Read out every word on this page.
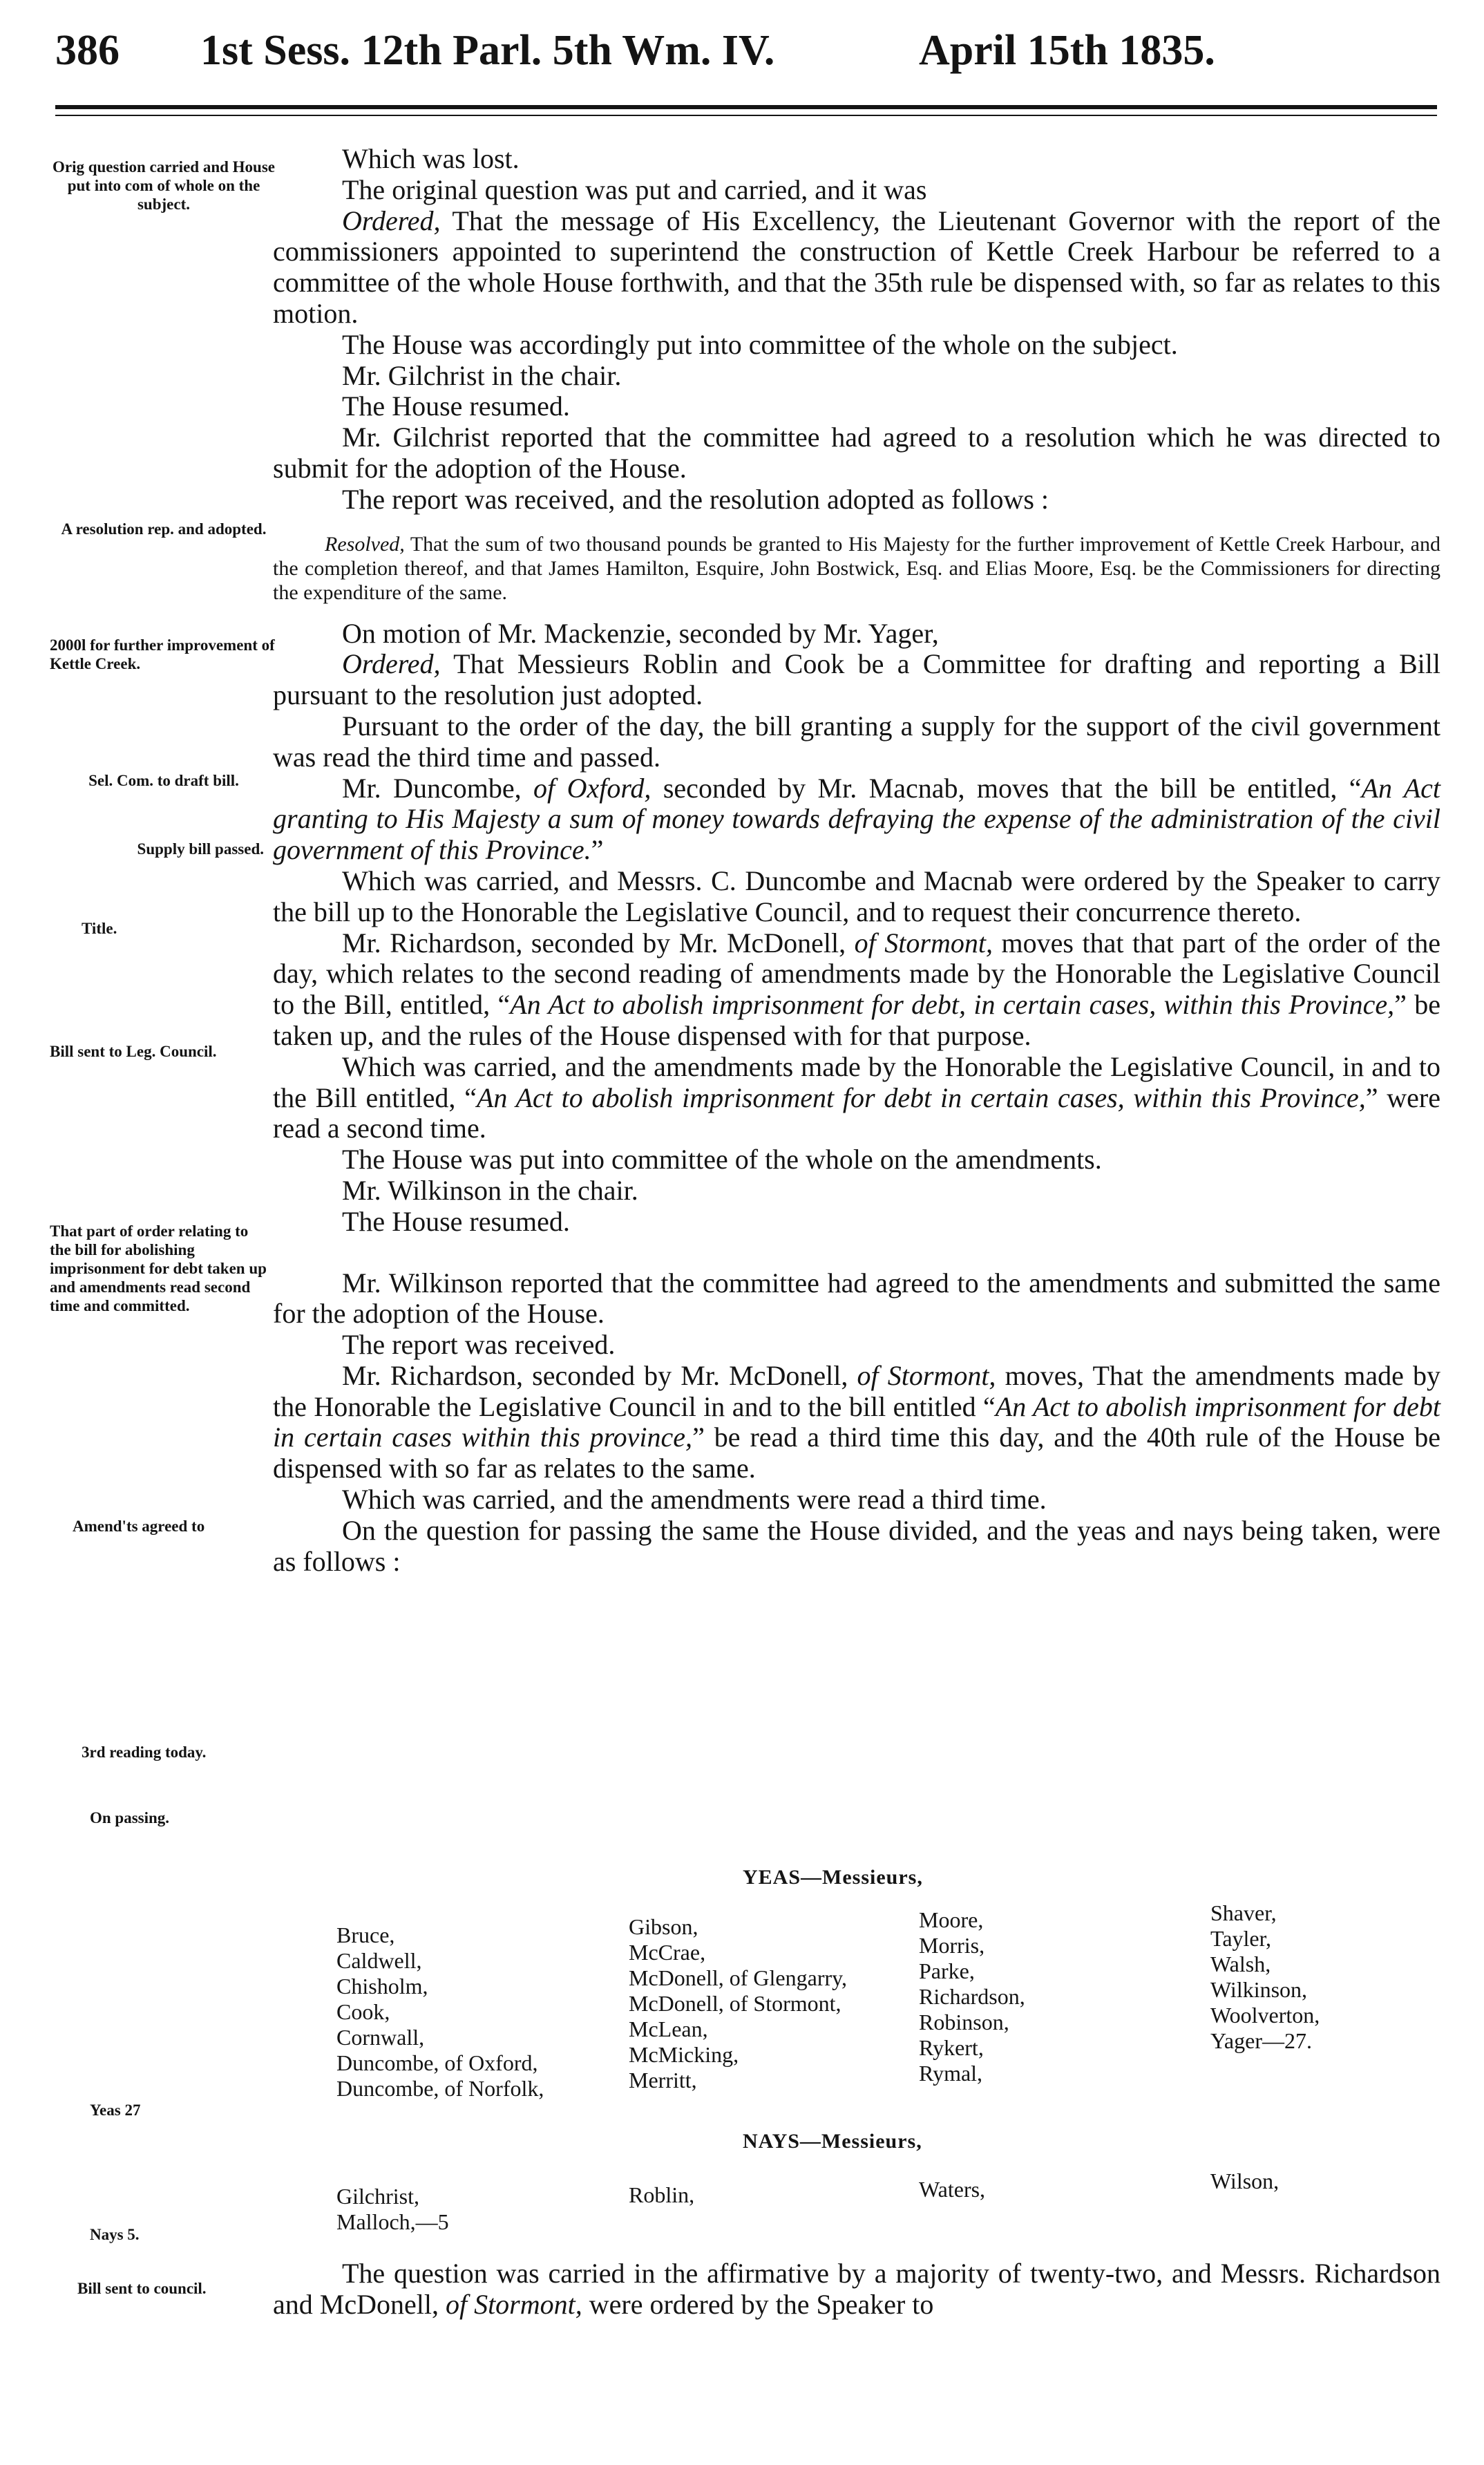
386 1st Sess. 12th Parl. 5th Wm. IV.	April 15th 1835.
Orig question carried and House put into com of whole on the subject.
A resolution rep. and adopted.
2000l for further improvement of Kettle Creek.
Sel. Com. to draft bill.
Supply bill passed.
Title.
Bill sent to Leg. Council.
That part of order relating to the bill for abolishing imprisonment for debt taken up and amendments read second time and committed.
Amend'ts agreed to
3rd reading today.
On passing.
Yeas 27
Nays 5.
Bill sent to council.

Which was lost.

The original question was put and carried, and it was

Ordered, That the message of His Excellency, the Lieutenant Governor with the report of the commissioners appointed to superintend the construction of Kettle Creek Harbour be referred to a committee of the whole House forthwith, and that the 35th rule be dispensed with, so far as relates to this motion.

The House was accordingly put into committee of the whole on the subject.

Mr. Gilchrist in the chair.

The House resumed.

Mr. Gilchrist reported that the committee had agreed to a resolution which he was directed to submit for the adoption of the House.

The report was received, and the resolution adopted as follows :

Resolved, That the sum of two thousand pounds be granted to His Majesty for the further improvement of Kettle Creek Harbour, and the completion thereof, and that James Hamilton, Esquire, John Bostwick, Esq. and Elias Moore, Esq. be the Commissioners for directing the expenditure of the same.

On motion of Mr. Mackenzie, seconded by Mr. Yager,

Ordered, That Messieurs Roblin and Cook be a Committee for drafting and reporting a Bill pursuant to the resolution just adopted.

Pursuant to the order of the day, the bill granting a supply for the support of the civil government was read the third time and passed.

Mr. Duncombe, of Oxford, seconded by Mr. Macnab, moves that the bill be entitled, “An Act granting to His Majesty a sum of money towards defraying the expense of the administration of the civil government of this Province.”

Which was carried, and Messrs. C. Duncombe and Macnab were ordered by the Speaker to carry the bill up to the Honorable the Legislative Council, and to request their concurrence thereto.

Mr. Richardson, seconded by Mr. McDonell, of Stormont, moves that that part of the order of the day, which relates to the second reading of amendments made by the Honorable the Legislative Council to the Bill, entitled, “An Act to abolish imprisonment for debt, in certain cases, within this Province,” be taken up, and the rules of the House dispensed with for that purpose.

Which was carried, and the amendments made by the Honorable the Legislative Council, in and to the Bill entitled, “An Act to abolish imprisonment for debt in certain cases, within this Province,” were read a second time.

The House was put into committee of the whole on the amendments.

Mr. Wilkinson in the chair.

The House resumed.

Mr. Wilkinson reported that the committee had agreed to the amendments and submitted the same for the adoption of the House.

The report was received.

Mr. Richardson, seconded by Mr. McDonell, of Stormont, moves, That the amendments made by the Honorable the Legislative Council in and to the bill entitled “An Act to abolish imprisonment for debt in certain cases within this province,” be read a third time this day, and the 40th rule of the House be dispensed with so far as relates to the same.

Which was carried, and the amendments were read a third time.

On the question for passing the same the House divided, and the yeas and nays being taken, were as follows :

YEAS—Messieurs,
Bruce,
Caldwell,
Chisholm,
Cook,
Cornwall,
Duncombe, of Oxford,
Duncombe, of Norfolk,
Gibson,
McCrae,
McDonell, of Glengarry,
McDonell, of Stormont,
McLean,
McMicking,
Merritt,
Moore,
Morris,
Parke,
Richardson,
Robinson,
Rykert,
Rymal,
Shaver,
Tayler,
Walsh,
Wilkinson,
Woolverton,
Yager—27.
NAYS—Messieurs,
Gilchrist,
Malloch,—5
Roblin,	Waters,	Wilson,

The question was carried in the affirmative by a majority of twenty-two, and Messrs. Richardson and McDonell, of Stormont, were ordered by the Speaker to
